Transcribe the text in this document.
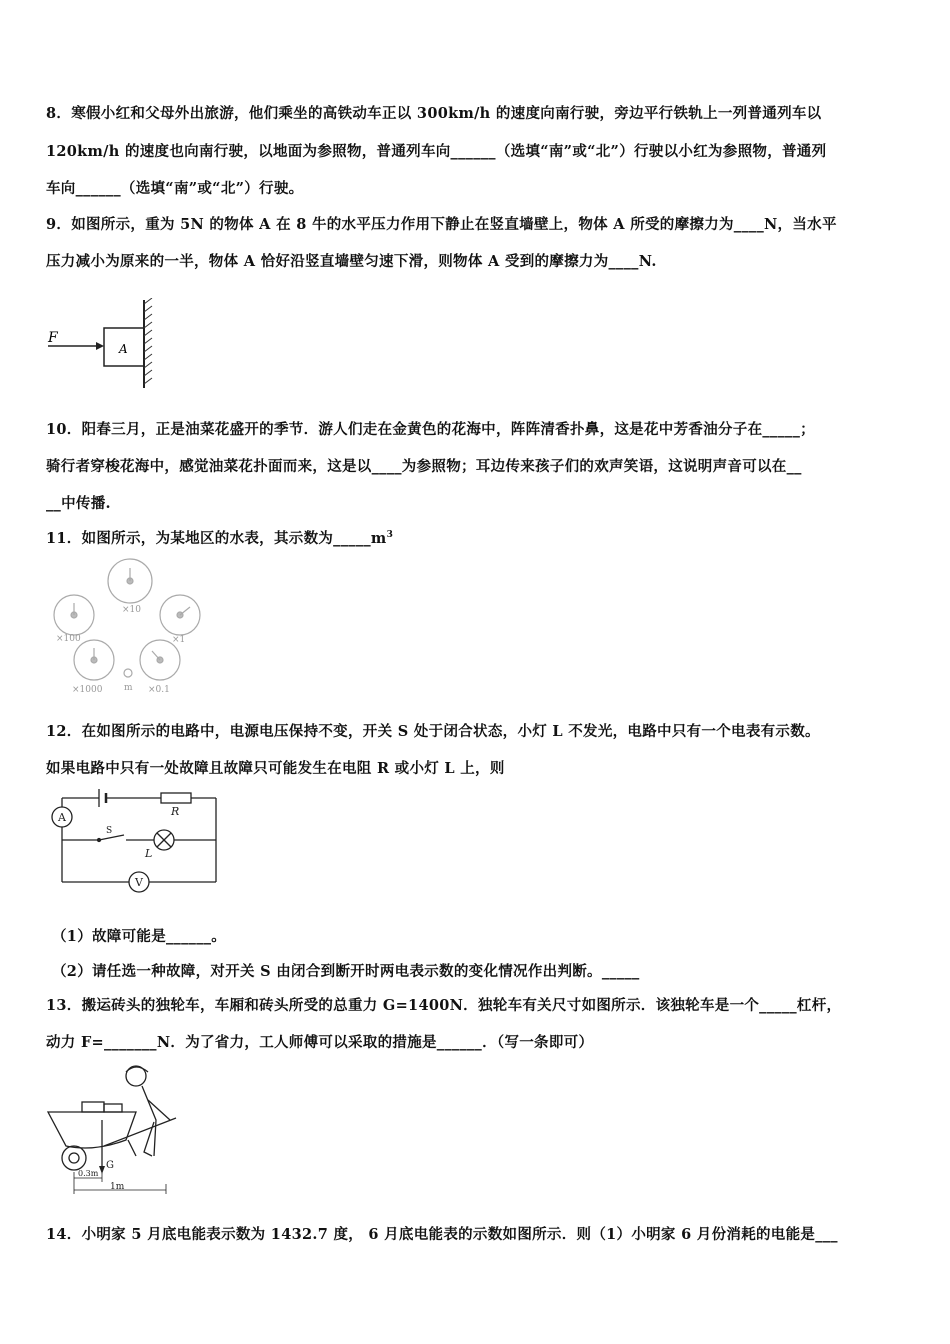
8．寒假小红和父母外出旅游，他们乘坐的高铁动车正以 300km/h 的速度向南行驶，旁边平行铁轨上一列普通列车以
120km/h 的速度也向南行驶，以地面为参照物，普通列车向______（选填“南”或“北”）行驶以小红为参照物，普通列
车向______（选填“南”或“北”）行驶。
9．如图所示，重为 5N 的物体 A 在 8 牛的水平压力作用下静止在竖直墙壁上，物体 A 所受的摩擦力为____N，当水平
压力减小为原来的一半，物体 A 恰好沿竖直墙壁匀速下滑，则物体 A 受到的摩擦力为____N.
F
A
10．阳春三月，正是油菜花盛开的季节．游人们走在金黄色的花海中，阵阵清香扑鼻，这是花中芳香油分子在_____；
骑行者穿梭花海中，感觉油菜花扑面而来，这是以____为参照物；耳边传来孩子们的欢声笑语，这说明声音可以在__
__中传播.
11．如图所示，为某地区的水表，其示数为$\_\_\_\_\_m^3$
×10
×100	×1
×1000	×0.1
m
12．在如图所示的电路中，电源电压保持不变，开关 S 处于闭合状态，小灯 L 不发光，电路中只有一个电表有示数。
如果电路中只有一处故障且故障只可能发生在电阻 R 或小灯 L 上，则
A
V
R
S
L
（1）故障可能是______。
（2）请任选一种故障，对开关 S 由闭合到断开时两电表示数的变化情况作出判断。_____
13．搬运砖头的独轮车，车厢和砖头所受的总重力 G=1400N．独轮车有关尺寸如图所示．该独轮车是一个_____杠杆，
动力 F=_______N．为了省力，工人师傅可以采取的措施是______．（写一条即可）
G
0.3m
1m
14．小明家 5 月底电能表示数为 1432.7 度， 6 月底电能表的示数如图所示．则（1）小明家 6 月份消耗的电能是___
